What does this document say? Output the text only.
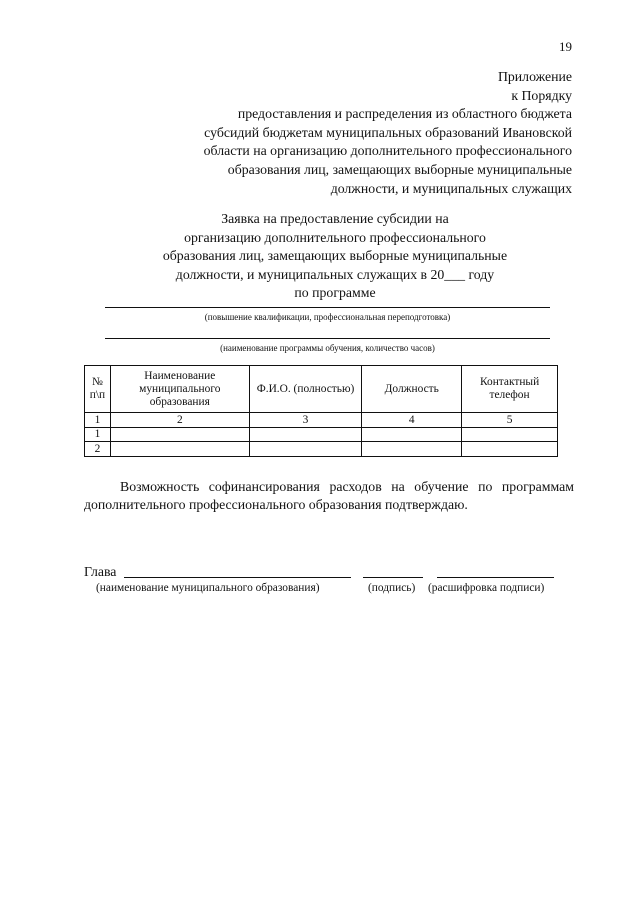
19
Приложение
к Порядку
предоставления и распределения из областного бюджета
субсидий бюджетам муниципальных образований Ивановской
области на организацию дополнительного профессионального
образования лиц, замещающих выборные муниципальные
должности, и муниципальных служащих
Заявка на предоставление субсидии на
организацию дополнительного профессионального
образования лиц, замещающих выборные муниципальные
должности, и муниципальных служащих в 20___ году
по программе
(повышение квалификации, профессиональная переподготовка)
(наименование программы обучения, количество часов)
№ п\п	Наименование муниципального образования	Ф.И.О. (полностью)	Должность	Контактный телефон
1	2	3	4	5
1				
2				
Возможность софинансирования расходов на обучение по программам дополнительного профессионального образования подтверждаю.
Глава
(наименование муниципального образования)	(подпись) (расшифровка подписи)
